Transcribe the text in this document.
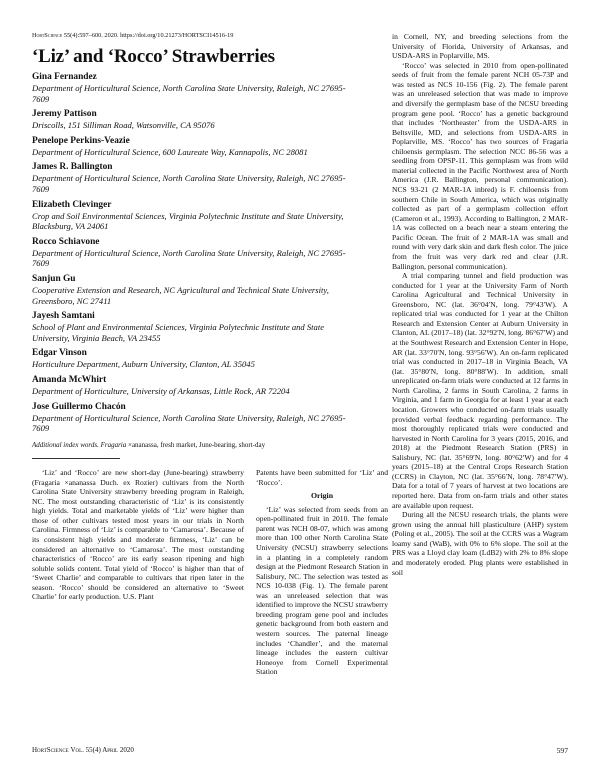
HortScience 55(4):597–600. 2020. https://doi.org/10.21273/HORTSCI14516-19
‘Liz’ and ‘Rocco’ Strawberries
Gina Fernandez
Department of Horticultural Science, North Carolina State University, Raleigh, NC 27695-7609
Jeremy Pattison
Driscolls, 151 Silliman Road, Watsonville, CA 95076
Penelope Perkins-Veazie
Department of Horticultural Science, 600 Laureate Way, Kannapolis, NC 28081
James R. Ballington
Department of Horticultural Science, North Carolina State University, Raleigh, NC 27695-7609
Elizabeth Clevinger
Crop and Soil Environmental Sciences, Virginia Polytechnic Institute and State University, Blacksburg, VA 24061
Rocco Schiavone
Department of Horticultural Science, North Carolina State University, Raleigh, NC 27695-7609
Sanjun Gu
Cooperative Extension and Research, NC Agricultural and Technical State University, Greensboro, NC 27411
Jayesh Samtani
School of Plant and Environmental Sciences, Virginia Polytechnic Institute and State University, Virginia Beach, VA 23455
Edgar Vinson
Horticulture Department, Auburn University, Clanton, AL 35045
Amanda McWhirt
Department of Horticulture, University of Arkansas, Little Rock, AR 72204
Jose Guillermo Chacón
Department of Horticultural Science, North Carolina State University, Raleigh, NC 27695-7609
Additional index words. Fragaria ×ananassa, fresh market, June-bearing, short-day

‘Liz’ and ‘Rocco’ are new short-day (June-bearing) strawberry (Fragaria ×ananassa Duch. ex Rozier) cultivars from the North Carolina State University strawberry breeding program in Raleigh, NC. The most outstanding characteristic of ‘Liz’ is its consistently high yields. Total and marketable yields of ‘Liz’ were higher than those of other cultivars tested most years in our trials in North Carolina. Firmness of ‘Liz’ is comparable to ‘Camarosa’. Because of its consistent high yields and moderate firmness, ‘Liz’ can be considered an alternative to ‘Camarosa’. The most outstanding characteristics of ‘Rocco’ are its early season ripening and high soluble solids content. Total yield of ‘Rocco’ is higher than that of ‘Sweet Charlie’ and comparable to cultivars that ripen later in the season. ‘Rocco’ should be considered an alternative to ‘Sweet Charlie’ for early production. U.S. Plant

Patents have been submitted for ‘Liz’ and ‘Rocco’.

Origin

‘Liz’ was selected from seeds from an open-pollinated fruit in 2010. The female parent was NCH 08-07, which was among more than 100 other North Carolina State University (NCSU) strawberry selections in a planting in a completely random design at the Piedmont Research Station in Salisbury, NC. The selection was tested as NCS 10-038 (Fig. 1). The female parent was an unreleased selection that was identified to improve the NCSU strawberry breeding program gene pool and includes genetic background from both eastern and western sources. The paternal lineage includes ‘Chandler’, and the maternal lineage includes the eastern cultivar Honeoye from Cornell Experimental Station

in Cornell, NY, and breeding selections from the University of Florida, University of Arkansas, and USDA-ARS in Poplarville, MS.

‘Rocco’ was selected in 2010 from open-pollinated seeds of fruit from the female parent NCH 05-73P and was tested as NCS 10-156 (Fig. 2). The female parent was an unreleased selection that was made to improve and diversify the germplasm base of the NCSU breeding program gene pool. ‘Rocco’ has a genetic background that includes ‘Northeaster’ from the USDA-ARS in Beltsville, MD, and selections from USDA-ARS in Poplarville, MS. ‘Rocco’ has two sources of Fragaria chiloensis germplasm. The selection NCC 86-56 was a seedling from OPSP-11. This germplasm was from wild material collected in the Pacific Northwest area of North America (J.R. Ballington, personal communication). NCS 93-21 (2 MAR-1A inbred) is F. chiloensis from southern Chile in South America, which was originally collected as part of a germplasm collection effort (Cameron et al., 1993). According to Ballington, 2 MAR-1A was collected on a beach near a steam entering the Pacific Ocean. The fruit of 2 MAR-1A was small and round with very dark skin and dark flesh color. The juice from the fruit was very dark red and clear (J.R. Ballington, personal communication).

A trial comparing tunnel and field production was conducted for 1 year at the University Farm of North Carolina Agricultural and Technical University in Greensboro, NC (lat. 36°04′N, long. 79°43′W). A replicated trial was conducted for 1 year at the Chilton Research and Extension Center at Auburn University in Clanton, AL (2017–18) (lat. 32°92′N, long. 86°67′W) and at the Southwest Research and Extension Center in Hope, AR (lat. 33°70′N, long. 93°56′W). An on-farm replicated trial was conducted in 2017–18 in Virginia Beach, VA (lat. 35°80′N, long. 80°88′W). In addition, small unreplicated on-farm trials were conducted at 12 farms in North Carolina, 2 farms in South Carolina, 2 farms in Virginia, and 1 farm in Georgia for at least 1 year at each location. Growers who conducted on-farm trials usually provided verbal feedback regarding performance. The most thoroughly replicated trials were conducted and harvested in North Carolina for 3 years (2015, 2016, and 2018) at the Piedmont Research Station (PRS) in Salisbury, NC (lat. 35°69′N, long. 80°62′W) and for 4 years (2015–18) at the Central Crops Research Station (CCRS) in Clayton, NC (lat. 35°66′N, long. 78°47′W). Data for a total of 7 years of harvest at two locations are reported here. Data from on-farm trials and other states are available upon request.

During all the NCSU research trials, the plants were grown using the annual hill plasticulture (AHP) system (Poling et al., 2005). The soil at the CCRS was a Wagram loamy sand (WaB), with 0% to 6% slope. The soil at the PRS was a Lloyd clay loam (LdB2) with 2% to 8% slope and moderately eroded. Plug plants were established in soil

HortScience Vol. 55(4) April 2020	597
